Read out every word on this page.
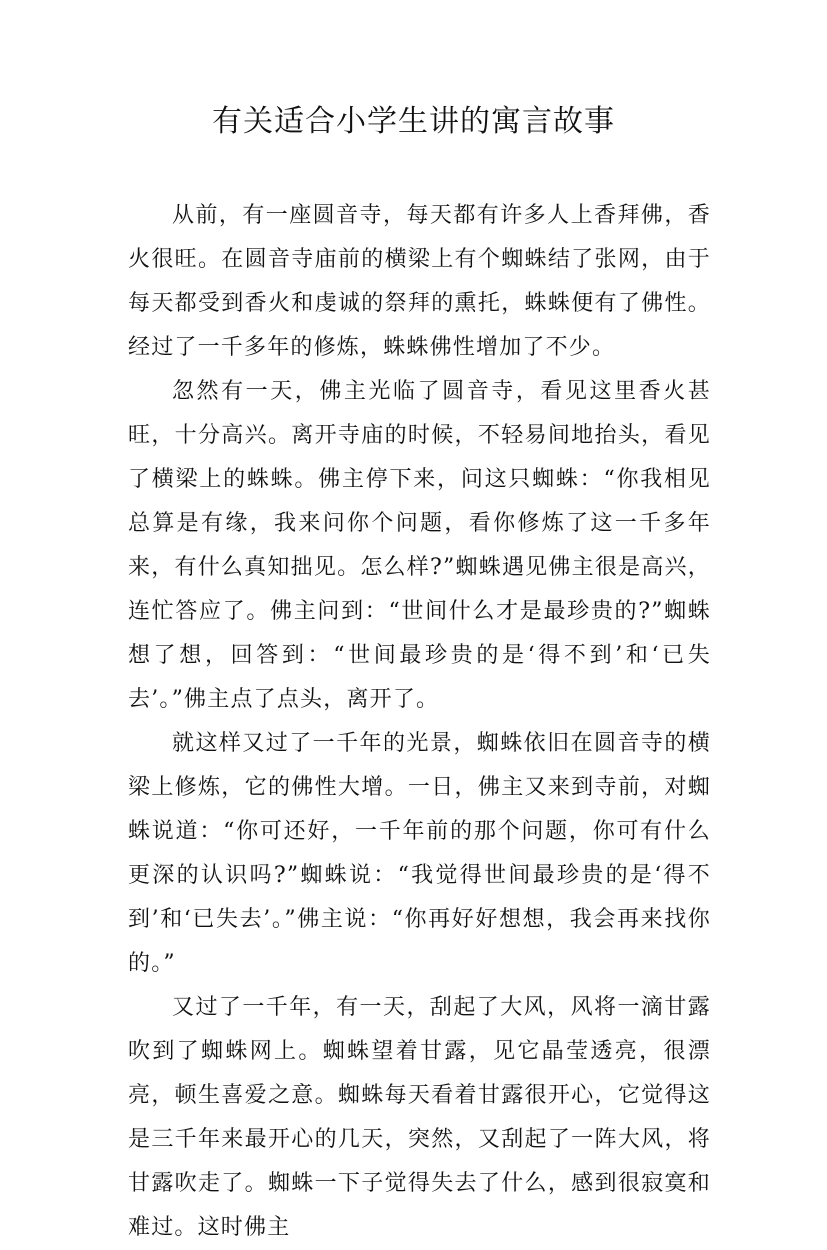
有关适合小学生讲的寓言故事

从前，有一座圆音寺，每天都有许多人上香拜佛，香火很旺。在圆音寺庙前的横梁上有个蜘蛛结了张网，由于每天都受到香火和虔诚的祭拜的熏托，蛛蛛便有了佛性。经过了一千多年的修炼，蛛蛛佛性增加了不少。

忽然有一天，佛主光临了圆音寺，看见这里香火甚旺，十分高兴。离开寺庙的时候，不轻易间地抬头，看见了横梁上的蛛蛛。佛主停下来，问这只蜘蛛：“你我相见总算是有缘，我来问你个问题，看你修炼了这一千多年来，有什么真知拙见。怎么样?”蜘蛛遇见佛主很是高兴，连忙答应了。佛主问到：“世间什么才是最珍贵的?”蜘蛛想了想，回答到：“世间最珍贵的是‘得不到’和‘已失去’。”佛主点了点头，离开了。

就这样又过了一千年的光景，蜘蛛依旧在圆音寺的横梁上修炼，它的佛性大增。一日，佛主又来到寺前，对蜘蛛说道：“你可还好，一千年前的那个问题，你可有什么更深的认识吗?”蜘蛛说：“我觉得世间最珍贵的是‘得不到’和‘已失去’。”佛主说：“你再好好想想，我会再来找你的。”

又过了一千年，有一天，刮起了大风，风将一滴甘露吹到了蜘蛛网上。蜘蛛望着甘露，见它晶莹透亮，很漂亮，顿生喜爱之意。蜘蛛每天看着甘露很开心，它觉得这是三千年来最开心的几天，突然，又刮起了一阵大风，将甘露吹走了。蜘蛛一下子觉得失去了什么，感到很寂寞和难过。这时佛主
